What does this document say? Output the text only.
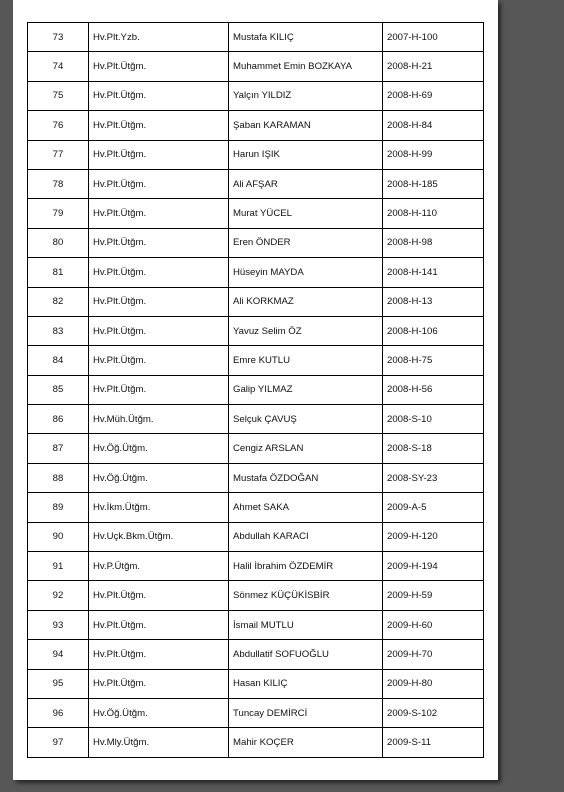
73	Hv.Plt.Yzb.	Mustafa KILIÇ	2007-H-100
74	Hv.Plt.Ütğm.	Muhammet Emin BOZKAYA	2008-H-21
75	Hv.Plt.Ütğm.	Yalçın YILDIZ	2008-H-69
76	Hv.Plt.Ütğm.	Şaban KARAMAN	2008-H-84
77	Hv.Plt.Ütğm.	Harun IŞIK	2008-H-99
78	Hv.Plt.Ütğm.	Ali AFŞAR	2008-H-185
79	Hv.Plt.Ütğm.	Murat YÜCEL	2008-H-110
80	Hv.Plt.Ütğm.	Eren ÖNDER	2008-H-98
81	Hv.Plt.Ütğm.	Hüseyin MAYDA	2008-H-141
82	Hv.Plt.Ütğm.	Ali KORKMAZ	2008-H-13
83	Hv.Plt.Ütğm.	Yavuz Selim ÖZ	2008-H-106
84	Hv.Plt.Ütğm.	Emre KUTLU	2008-H-75
85	Hv.Plt.Ütğm.	Galip YILMAZ	2008-H-56
86	Hv.Müh.Ütğm.	Selçuk ÇAVUŞ	2008-S-10
87	Hv.Öğ.Ütğm.	Cengiz ARSLAN	2008-S-18
88	Hv.Öğ.Ütğm.	Mustafa ÖZDOĞAN	2008-SY-23
89	Hv.İkm.Ütğm.	Ahmet SAKA	2009-A-5
90	Hv.Uçk.Bkm.Ütğm.	Abdullah KARACI	2009-H-120
91	Hv.P.Ütğm.	Halil İbrahim ÖZDEMİR	2009-H-194
92	Hv.Plt.Ütğm.	Sönmez KÜÇÜKİSBİR	2009-H-59
93	Hv.Plt.Ütğm.	İsmail MUTLU	2009-H-60
94	Hv.Plt.Ütğm.	Abdullatif SOFUOĞLU	2009-H-70
95	Hv.Plt.Ütğm.	Hasan KILIÇ	2009-H-80
96	Hv.Öğ.Ütğm.	Tuncay DEMİRCİ	2009-S-102
97	Hv.Mly.Ütğm.	Mahir KOÇER	2009-S-11
